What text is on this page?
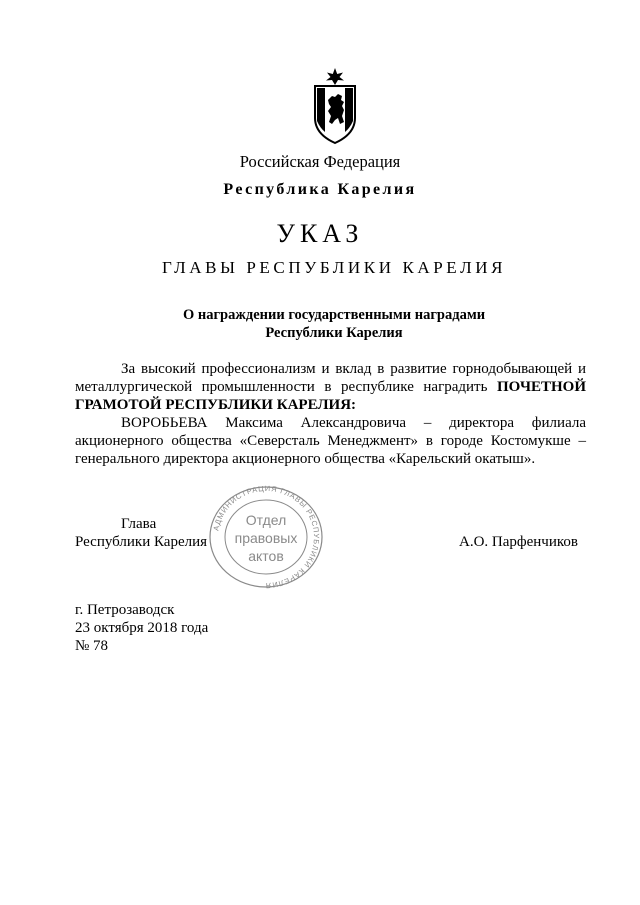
Российская Федерация
Республика Карелия
УКАЗ
ГЛАВЫ РЕСПУБЛИКИ КАРЕЛИЯ
О награждении государственными наградами
Республики Карелия
За высокий профессионализм и вклад в развитие горнодобывающей и металлургической промышленности в республике наградить ПОЧЕТНОЙ ГРАМОТОЙ РЕСПУБЛИКИ КАРЕЛИЯ:
ВОРОБЬЕВА Максима Александровича – директора филиала акционерного общества «Северсталь Менеджмент» в городе Костомукше – генерального директора акционерного общества «Карельский окатыш».
Глава
Республики Карелия	А.О. Парфенчиков
АДМИНИСТРАЦИЯ ГЛАВЫ РЕСПУБЛИКИ КАРЕЛИЯ
Отдел
правовых
актов
г. Петрозаводск
23 октября 2018 года
№ 78
